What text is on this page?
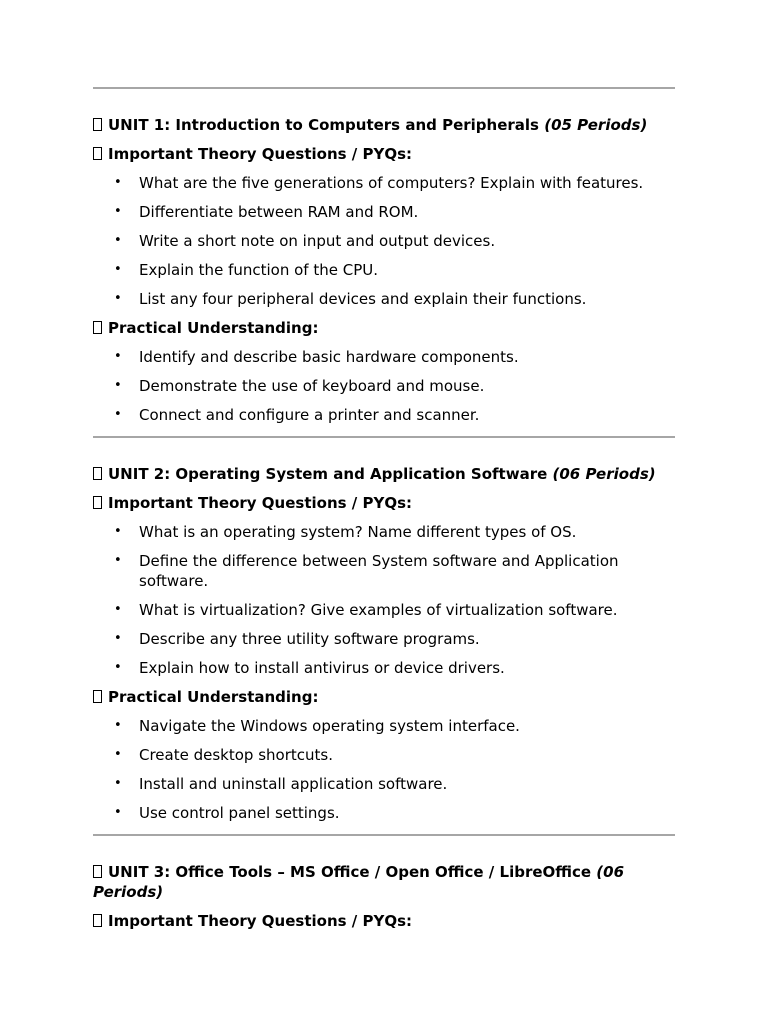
UNIT 1: Introduction to Computers and Peripherals (05 Periods)

Important Theory Questions / PYQs:

• What are the five generations of computers? Explain with features.
• Differentiate between RAM and ROM.
• Write a short note on input and output devices.
• Explain the function of the CPU.
• List any four peripheral devices and explain their functions.

Practical Understanding:

• Identify and describe basic hardware components.
• Demonstrate the use of keyboard and mouse.
• Connect and configure a printer and scanner.

UNIT 2: Operating System and Application Software (06 Periods)

Important Theory Questions / PYQs:

• What is an operating system? Name different types of OS.
• Define the difference between System software and Application software.
• What is virtualization? Give examples of virtualization software.
• Describe any three utility software programs.
• Explain how to install antivirus or device drivers.

Practical Understanding:

• Navigate the Windows operating system interface.
• Create desktop shortcuts.
• Install and uninstall application software.
• Use control panel settings.

UNIT 3: Office Tools – MS Office / Open Office / LibreOffice (06 Periods)

Important Theory Questions / PYQs:
